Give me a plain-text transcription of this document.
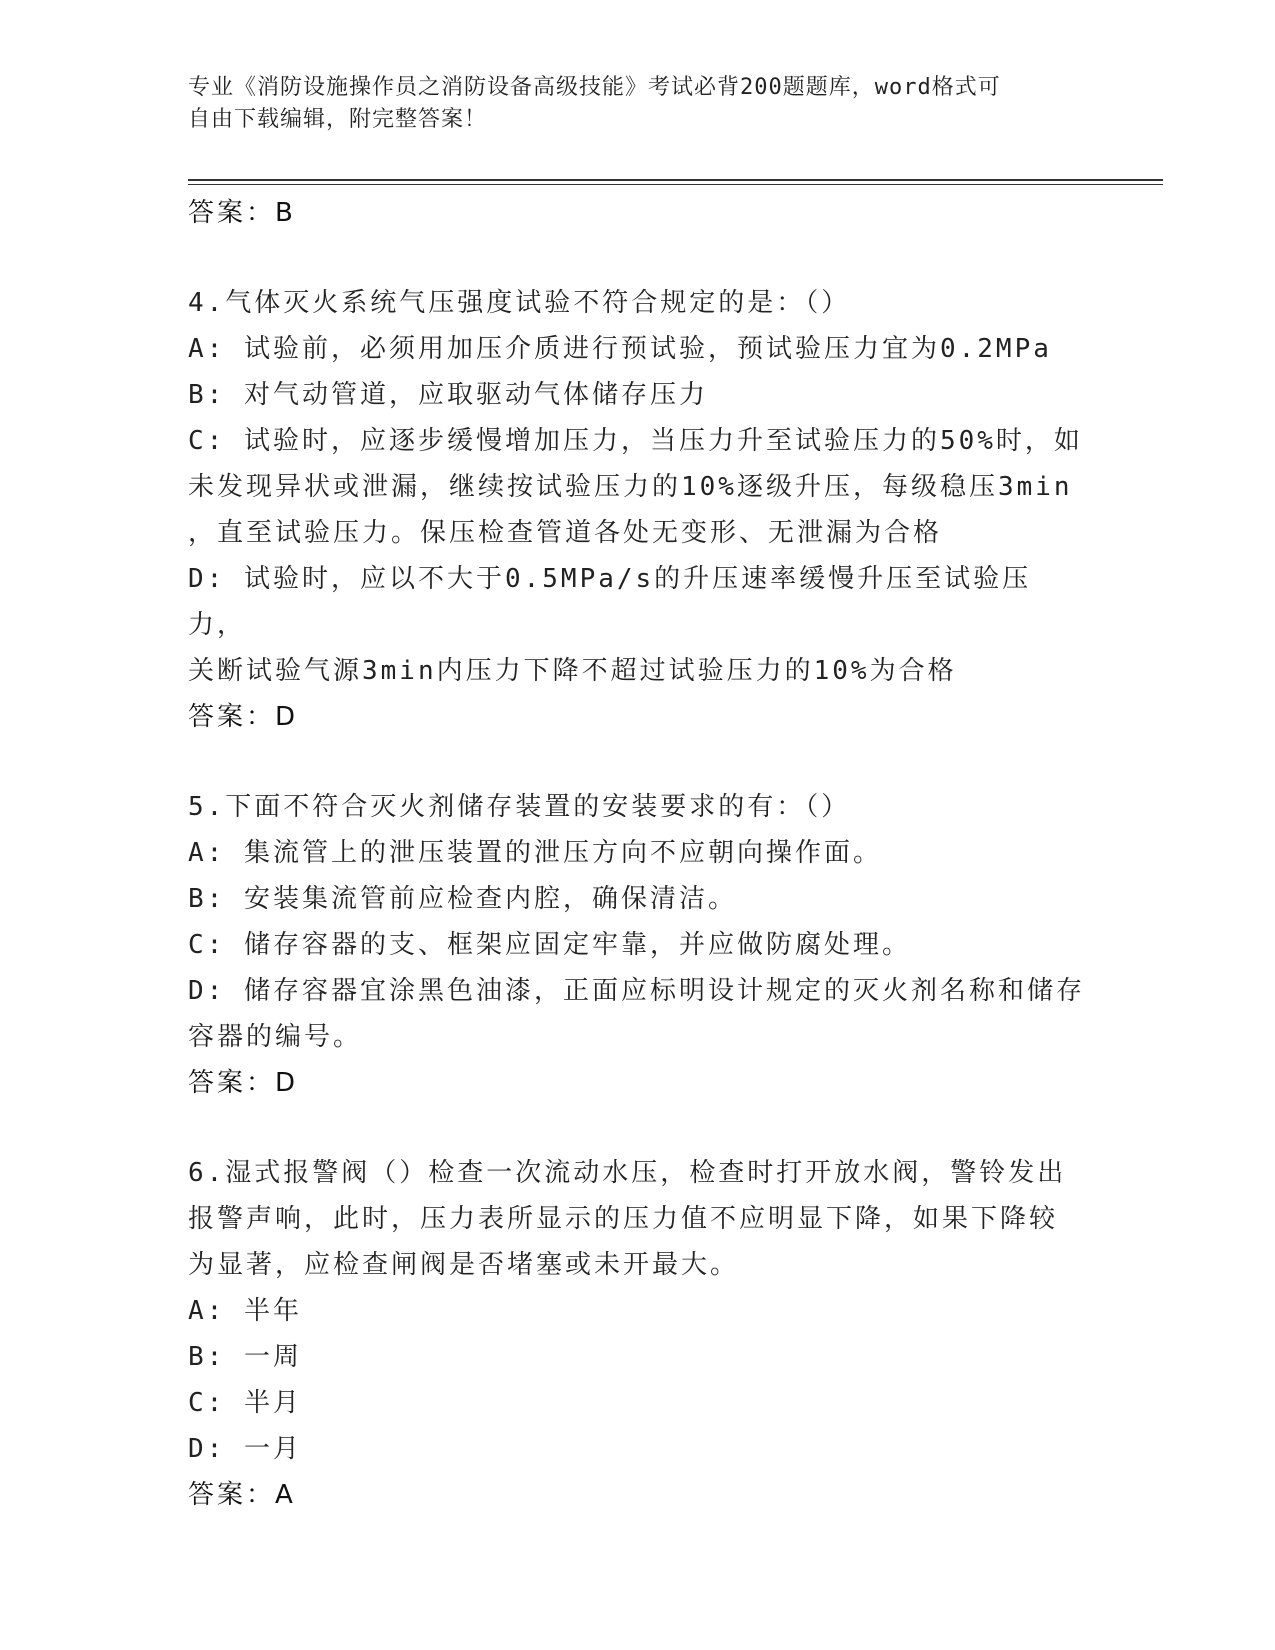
专业《消防设施操作员之消防设备高级技能》考试必背200题题库，word格式可
自由下载编辑，附完整答案！
答案：B
4.气体灭火系统气压强度试验不符合规定的是：（）
A: 试验前，必须用加压介质进行预试验，预试验压力宜为0.2MPa
B: 对气动管道，应取驱动气体储存压力
C: 试验时，应逐步缓慢增加压力，当压力升至试验压力的50%时，如
未发现异状或泄漏，继续按试验压力的10%逐级升压，每级稳压3min
，直至试验压力。保压检查管道各处无变形、无泄漏为合格
D: 试验时，应以不大于0.5MPa/s的升压速率缓慢升压至试验压力，
关断试验气源3min内压力下降不超过试验压力的10%为合格
答案：D
5.下面不符合灭火剂储存装置的安装要求的有：（）
A: 集流管上的泄压装置的泄压方向不应朝向操作面。
B: 安装集流管前应检查内腔，确保清洁。
C: 储存容器的支、框架应固定牢靠，并应做防腐处理。
D: 储存容器宜涂黑色油漆，正面应标明设计规定的灭火剂名称和储存
容器的编号。
答案：D
6.湿式报警阀（）检查一次流动水压，检查时打开放水阀，警铃发出
报警声响，此时，压力表所显示的压力值不应明显下降，如果下降较
为显著，应检查闸阀是否堵塞或未开最大。
A: 半年
B: 一周
C: 半月
D: 一月
答案：A
